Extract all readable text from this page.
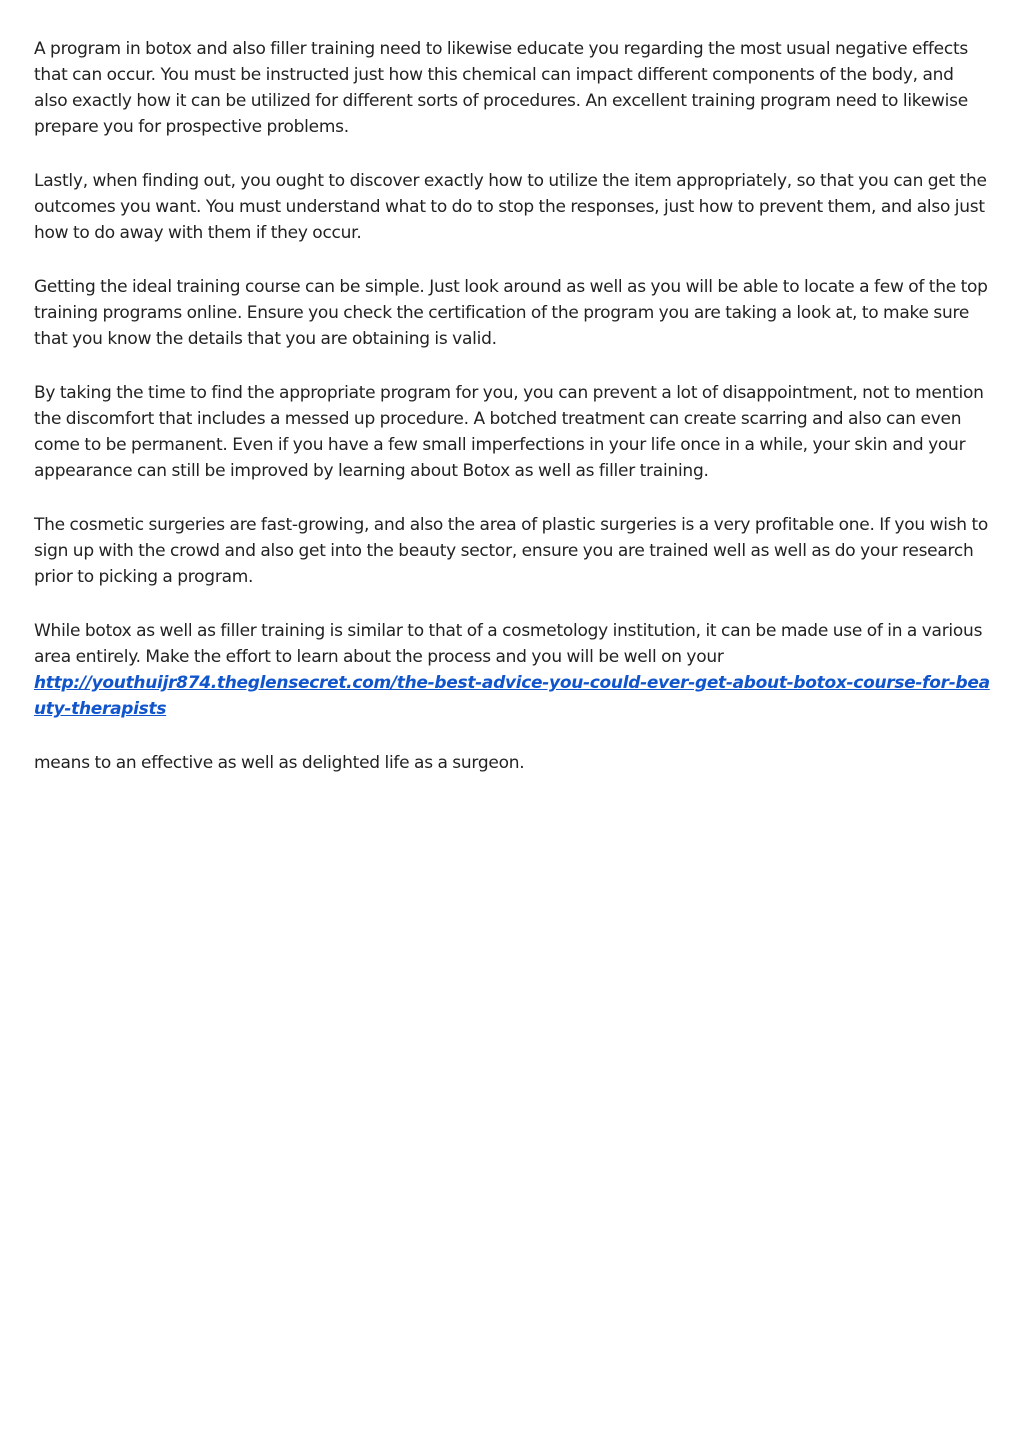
A program in botox and also filler training need to likewise educate you regarding the most usual negative effects that can occur. You must be instructed just how this chemical can impact different components of the body, and also exactly how it can be utilized for different sorts of procedures. An excellent training program need to likewise prepare you for prospective problems.

Lastly, when finding out, you ought to discover exactly how to utilize the item appropriately, so that you can get the outcomes you want. You must understand what to do to stop the responses, just how to prevent them, and also just how to do away with them if they occur.

Getting the ideal training course can be simple. Just look around as well as you will be able to locate a few of the top training programs online. Ensure you check the certification of the program you are taking a look at, to make sure that you know the details that you are obtaining is valid.

By taking the time to find the appropriate program for you, you can prevent a lot of disappointment, not to mention the discomfort that includes a messed up procedure. A botched treatment can create scarring and also can even come to be permanent. Even if you have a few small imperfections in your life once in a while, your skin and your appearance can still be improved by learning about Botox as well as filler training.

The cosmetic surgeries are fast-growing, and also the area of plastic surgeries is a very profitable one. If you wish to sign up with the crowd and also get into the beauty sector, ensure you are trained well as well as do your research prior to picking a program.

While botox as well as filler training is similar to that of a cosmetology institution, it can be made use of in a various area entirely. Make the effort to learn about the process and you will be well on your

http://youthuijr874.theglensecret.com/the-best-advice-you-could-ever-get-about-botox-course-for-beauty-therapists

means to an effective as well as delighted life as a surgeon.
